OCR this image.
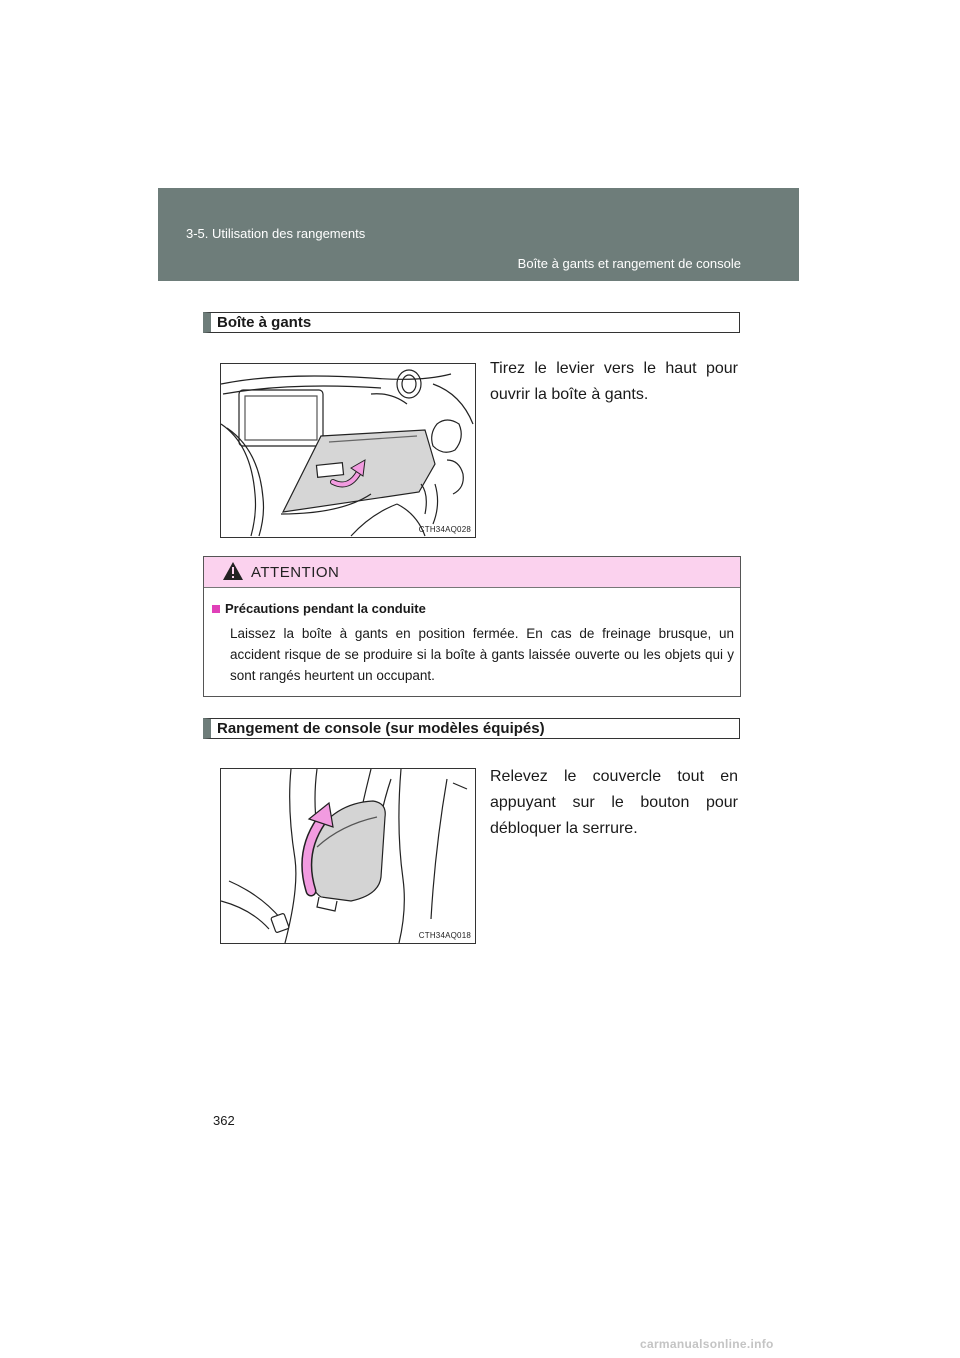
3-5. Utilisation des rangements
Boîte à gants et rangement de console
Boîte à gants
CTH34AQ028
Tirez le levier vers le haut pour ouvrir la boîte à gants.
ATTENTION
Précautions pendant la conduite
Laissez la boîte à gants en position fermée. En cas de freinage brusque, un accident risque de se produire si la boîte à gants laissée ouverte ou les objets qui y sont rangés heurtent un occupant.
Rangement de console (sur modèles équipés)
CTH34AQ018
Relevez le couvercle tout en appuyant sur le bouton pour débloquer la serrure.
362
carmanualsonline.info
